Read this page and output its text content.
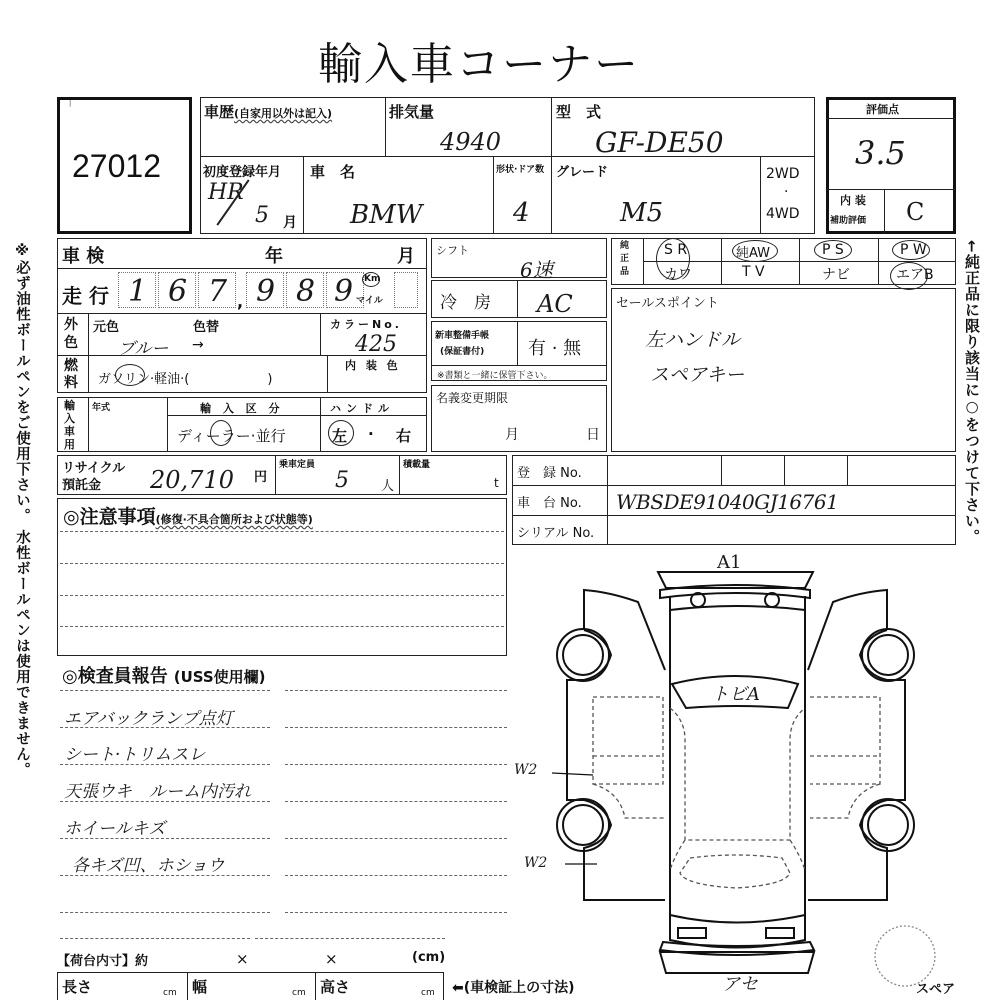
輸入車コーナー
※必ず油性ボールペンをご使用下さい。 水性ボールペンは使用できません。	←純正品に限り該当に○をつけて下さい。
「
27012
車歴(自家用以外は記入)	排気量
4940
型　式
GF-DE50
初度登録年月
HR
5 月
車　名
BMW
形状·ドア数
4
グレード
M5
2WD
·
4WD
評価点
3.5
内 装
補助評価 C
車 検	年	月
走 行 1 6 7 , 9 8 9 Km
マイル
外色
元色	色替
ブルー →
カラーNo.
425
燃料 ガソリン·軽油·(　　　　　　)
内 装 色
輸入車用
年式	輸 入 区 分
ディーラー·並行
ハンドル
左 · 右
シフト
6速
冷　房 AC
新車整備手帳
(保証書付) 有 · 無
※書類と一緒に保管下さい。
名義変更期限
月	日
純正品
S R	純AW	P S	P W
カワ	T V	ナビ	エアB
セールスポイント
左ハンドル
スペアキー
リサイクル
預託金 20,710 円
乗車定員
5 人
積載量
t
登　録 No.
車　台 No. WBSDE91040GJ16761
シリアル No.
◎注意事項(修復·不具合箇所および状態等)
◎検査員報告 (USS使用欄)
エアバックランプ点灯
シート·トリムスレ
天張ウキ　ルーム内汚れ
ホイールキズ
各キズ凹、ホショウ
【荷台内寸】約	×	×	(cm)
長さ	cm 幅	cm 高さ	cm ⬅(車検証上の寸法)
A1
トビA
W2
W2
アセ	スペア
